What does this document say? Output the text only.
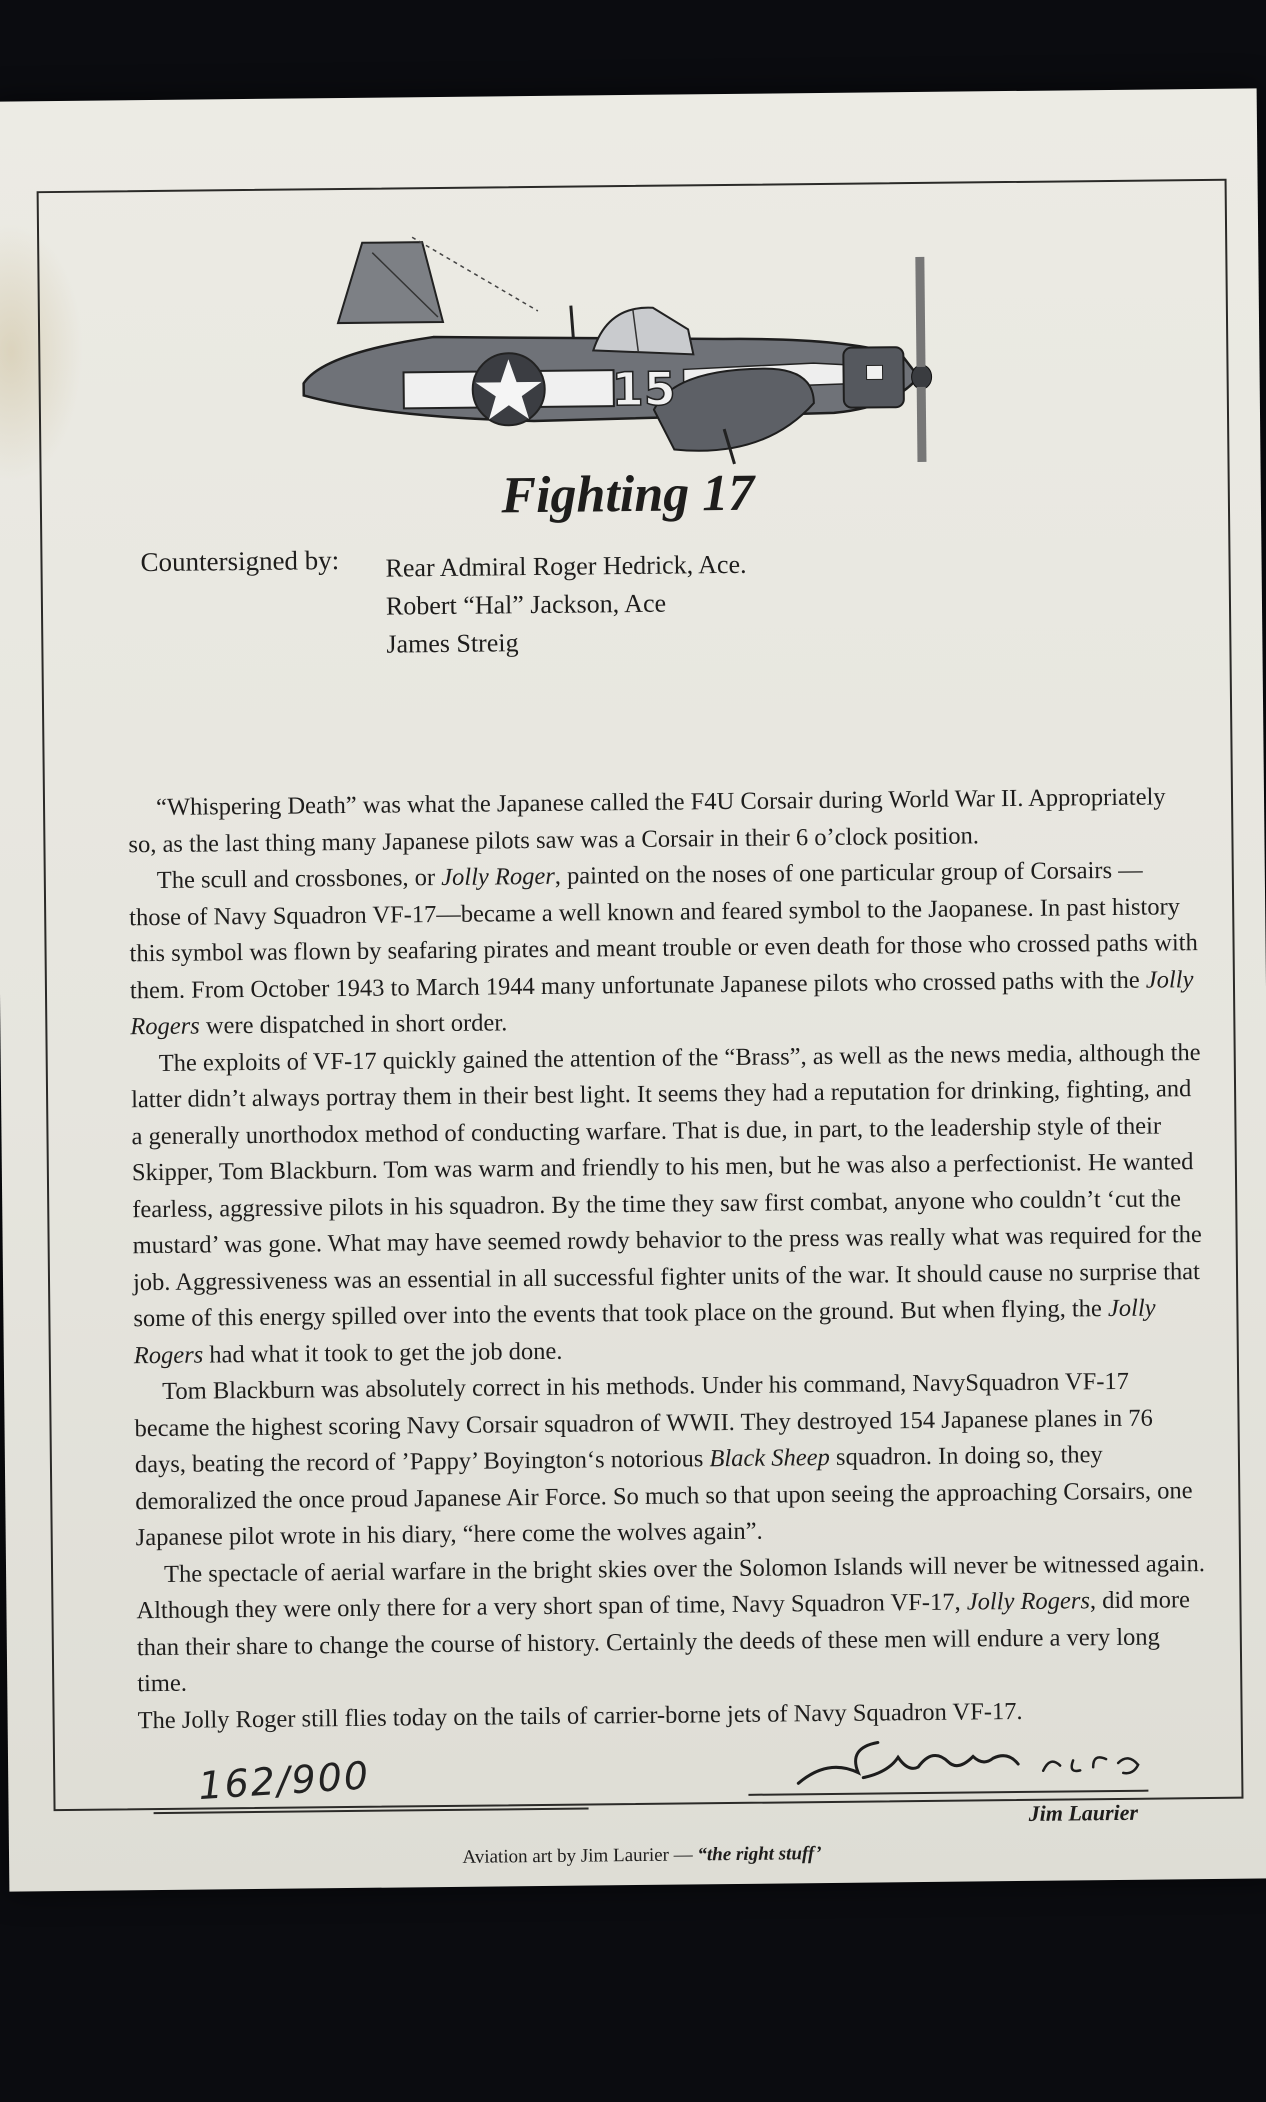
15
Fighting 17
Countersigned by: Rear Admiral Roger Hedrick, Ace.
Robert “Hal” Jackson, Ace
James Streig

“Whispering Death” was what the Japanese called the F4U Corsair during World War II. Appropriately so, as the last thing many Japanese pilots saw was a Corsair in their 6 o’clock position.

The scull and crossbones, or Jolly Roger, painted on the noses of one particular group of Corsairs — those of Navy Squadron VF-17—became a well known and feared symbol to the Jaopanese. In past history this symbol was flown by seafaring pirates and meant trouble or even death for those who crossed paths with them. From October 1943 to March 1944 many unfortunate Japanese pilots who crossed paths with the Jolly Rogers were dispatched in short order.

The exploits of VF-17 quickly gained the attention of the “Brass”, as well as the news media, although the latter didn’t always portray them in their best light. It seems they had a reputation for drinking, fighting, and a generally unorthodox method of conducting warfare. That is due, in part, to the leadership style of their Skipper, Tom Blackburn. Tom was warm and friendly to his men, but he was also a perfectionist. He wanted fearless, aggressive pilots in his squadron. By the time they saw first combat, anyone who couldn’t ‘cut the mustard’ was gone. What may have seemed rowdy behavior to the press was really what was required for the job. Aggressiveness was an essential in all successful fighter units of the war. It should cause no surprise that some of this energy spilled over into the events that took place on the ground. But when flying, the Jolly Rogers had what it took to get the job done.

Tom Blackburn was absolutely correct in his methods. Under his command, NavySquadron VF-17 became the highest scoring Navy Corsair squadron of WWII. They destroyed 154 Japanese planes in 76 days, beating the record of ’Pappy’ Boyington‘s notorious Black Sheep squadron. In doing so, they demoralized the once proud Japanese Air Force. So much so that upon seeing the approaching Corsairs, one Japanese pilot wrote in his diary, “here come the wolves again”.

The spectacle of aerial warfare in the bright skies over the Solomon Islands will never be witnessed again. Although they were only there for a very short span of time, Navy Squadron VF-17, Jolly Rogers, did more than their share to change the course of history. Certainly the deeds of these men will endure a very long time.

The Jolly Roger still flies today on the tails of carrier-borne jets of Navy Squadron VF-17.

162/900
Jim Laurier
Aviation art by Jim Laurier — “the right stuff’
